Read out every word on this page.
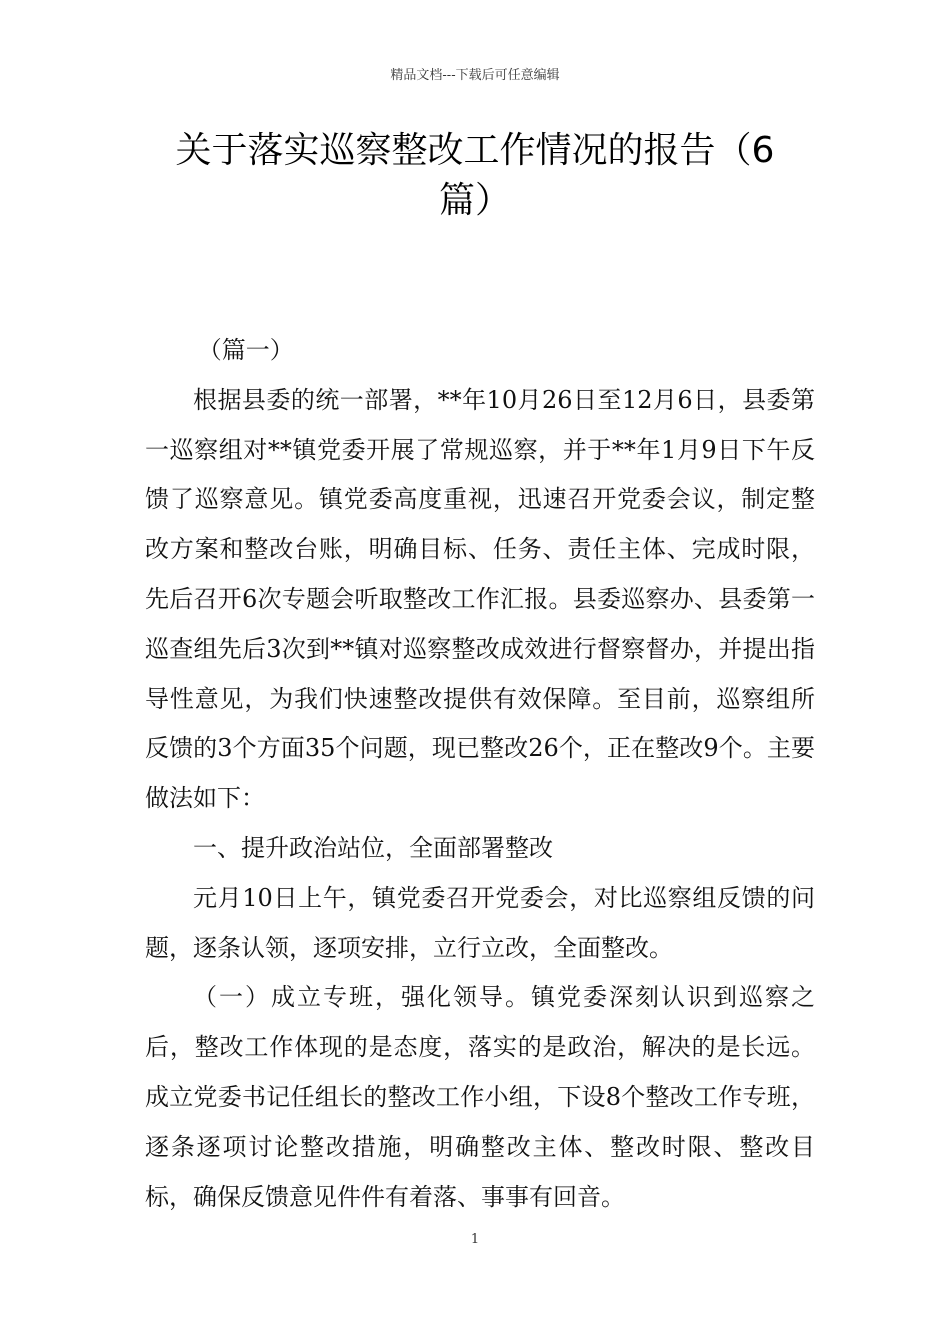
精品文档---下载后可任意编辑
关于落实巡察整改工作情况的报告（6
篇）

（篇一）

根据县委的统一部署，**年10月26日至12月6日，县委第一巡察组对**镇党委开展了常规巡察，并于**年1月9日下午反馈了巡察意见。镇党委高度重视，迅速召开党委会议，制定整改方案和整改台账，明确目标、任务、责任主体、完成时限，先后召开6次专题会听取整改工作汇报。县委巡察办、县委第一巡查组先后3次到**镇对巡察整改成效进行督察督办，并提出指导性意见，为我们快速整改提供有效保障。至目前，巡察组所反馈的3个方面35个问题，现已整改26个，正在整改9个。主要做法如下：

一、提升政治站位，全面部署整改

元月10日上午，镇党委召开党委会，对比巡察组反馈的问题，逐条认领，逐项安排，立行立改，全面整改。

（一）成立专班，强化领导。镇党委深刻认识到巡察之后，整改工作体现的是态度，落实的是政治，解决的是长远。成立党委书记任组长的整改工作小组，下设8个整改工作专班，逐条逐项讨论整改措施，明确整改主体、整改时限、整改目标，确保反馈意见件件有着落、事事有回音。

1
